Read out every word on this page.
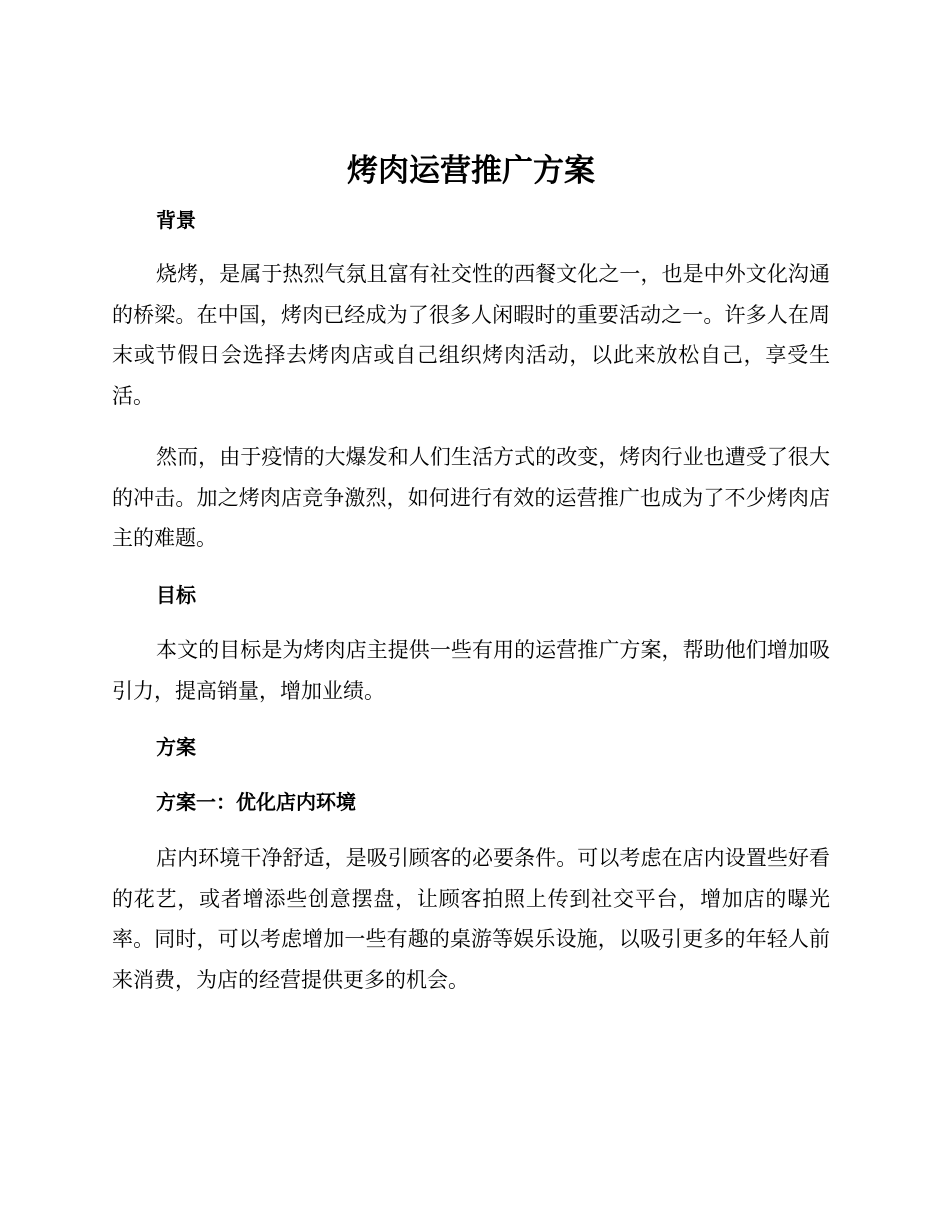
烤肉运营推广方案
背景

烧烤，是属于热烈气氛且富有社交性的西餐文化之一，也是中外文化沟通的桥梁。在中国，烤肉已经成为了很多人闲暇时的重要活动之一。许多人在周末或节假日会选择去烤肉店或自己组织烤肉活动，以此来放松自己，享受生活。

然而，由于疫情的大爆发和人们生活方式的改变，烤肉行业也遭受了很大的冲击。加之烤肉店竞争激烈，如何进行有效的运营推广也成为了不少烤肉店主的难题。

目标

本文的目标是为烤肉店主提供一些有用的运营推广方案，帮助他们增加吸引力，提高销量，增加业绩。

方案
方案一：优化店内环境

店内环境干净舒适，是吸引顾客的必要条件。可以考虑在店内设置些好看的花艺，或者增添些创意摆盘，让顾客拍照上传到社交平台，增加店的曝光率。同时，可以考虑增加一些有趣的桌游等娱乐设施，以吸引更多的年轻人前来消费，为店的经营提供更多的机会。
